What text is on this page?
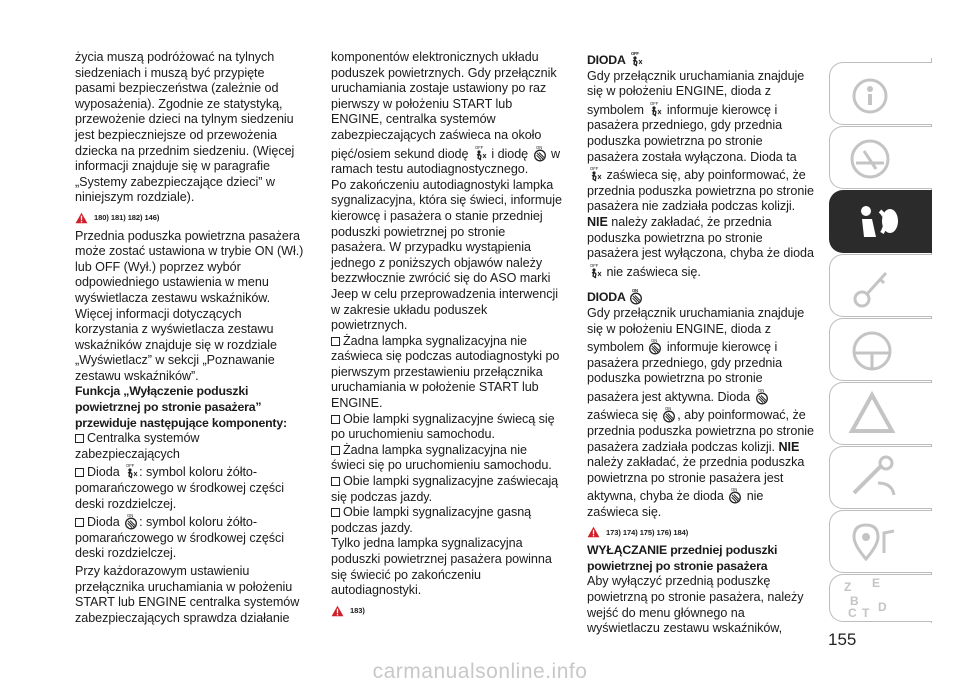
życia muszą podróżować na tylnych siedzeniach i muszą być przypięte pasami bezpieczeństwa (zależnie od wyposażenia). Zgodnie ze statystyką, przewożenie dzieci na tylnym siedzeniu jest bezpieczniejsze od przewożenia dziecka na przednim siedzeniu. (Więcej informacji znajduje się w paragrafie „Systemy zabezpieczające dzieci” w niniejszym rozdziale).

180) 181) 182) 146)

Przednia poduszka powietrzna pasażera może zostać ustawiona w trybie ON (Wł.) lub OFF (Wył.) poprzez wybór odpowiedniego ustawienia w menu wyświetlacza zestawu wskaźników. Więcej informacji dotyczących korzystania z wyświetlacza zestawu wskaźników znajduje się w rozdziale „Wyświetlacz” w sekcji „Poznawanie zestawu wskaźników”.

Funkcja „Wyłączenie poduszki powietrznej po stronie pasażera” przewiduje następujące komponenty:

Centralka systemów zabezpieczających

Dioda : symbol koloru żółto-pomarańczowego w środkowej części deski rozdzielczej.

Dioda : symbol koloru żółto-pomarańczowego w środkowej części deski rozdzielczej.

Przy każdorazowym ustawieniu przełącznika uruchamiania w położeniu START lub ENGINE centralka systemów zabezpieczających sprawdza działanie

komponentów elektronicznych układu poduszek powietrznych. Gdy przełącznik uruchamiania zostaje ustawiony po raz pierwszy w położeniu START lub ENGINE, centralka systemów zabezpieczających zaświeca na około pięć/osiem sekund diodę i diodę w ramach testu autodiagnostycznego.

Po zakończeniu autodiagnostyki lampka sygnalizacyjna, która się świeci, informuje kierowcę i pasażera o stanie przedniej poduszki powietrznej po stronie pasażera. W przypadku wystąpienia jednego z poniższych objawów należy bezzwłocznie zwrócić się do ASO marki Jeep w celu przeprowadzenia interwencji w zakresie układu poduszek powietrznych.

Żadna lampka sygnalizacyjna nie zaświeca się podczas autodiagnostyki po pierwszym przestawieniu przełącznika uruchamiania w położenie START lub ENGINE.

Obie lampki sygnalizacyjne świecą się po uruchomieniu samochodu.

Żadna lampka sygnalizacyjna nie świeci się po uruchomieniu samochodu.

Obie lampki sygnalizacyjne zaświecają się podczas jazdy.

Obie lampki sygnalizacyjne gasną podczas jazdy.

Tylko jedna lampka sygnalizacyjna poduszki powietrznej pasażera powinna się świecić po zakończeniu autodiagnostyki.

183)

DIODA

Gdy przełącznik uruchamiania znajduje się w położeniu ENGINE, dioda z symbolem informuje kierowcę i pasażera przedniego, gdy przednia poduszka powietrzna po stronie pasażera została wyłączona. Dioda ta  zaświeca się, aby poinformować, że przednia poduszka powietrzna po stronie pasażera nie zadziała podczas kolizji. NIE należy zakładać, że przednia poduszka powietrzna po stronie pasażera jest wyłączona, chyba że dioda  nie zaświeca się.

DIODA

Gdy przełącznik uruchamiania znajduje się w położeniu ENGINE, dioda z symbolem informuje kierowcę i pasażera przedniego, gdy przednia poduszka powietrzna po stronie pasażera jest aktywna. Dioda  zaświeca się , aby poinformować, że przednia poduszka powietrzna po stronie pasażera zadziała podczas kolizji. NIE należy zakładać, że przednia poduszka powietrzna po stronie pasażera jest aktywna, chyba że dioda nie zaświeca się.

173) 174) 175) 176) 184)

WYŁĄCZANIE przedniej poduszki powietrznej po stronie pasażera

Aby wyłączyć przednią poduszkę powietrzną po stronie pasażera, należy wejść do menu głównego na wyświetlaczu zestawu wskaźników,

Z E
B
C T D
155
carmanualsonline.info
